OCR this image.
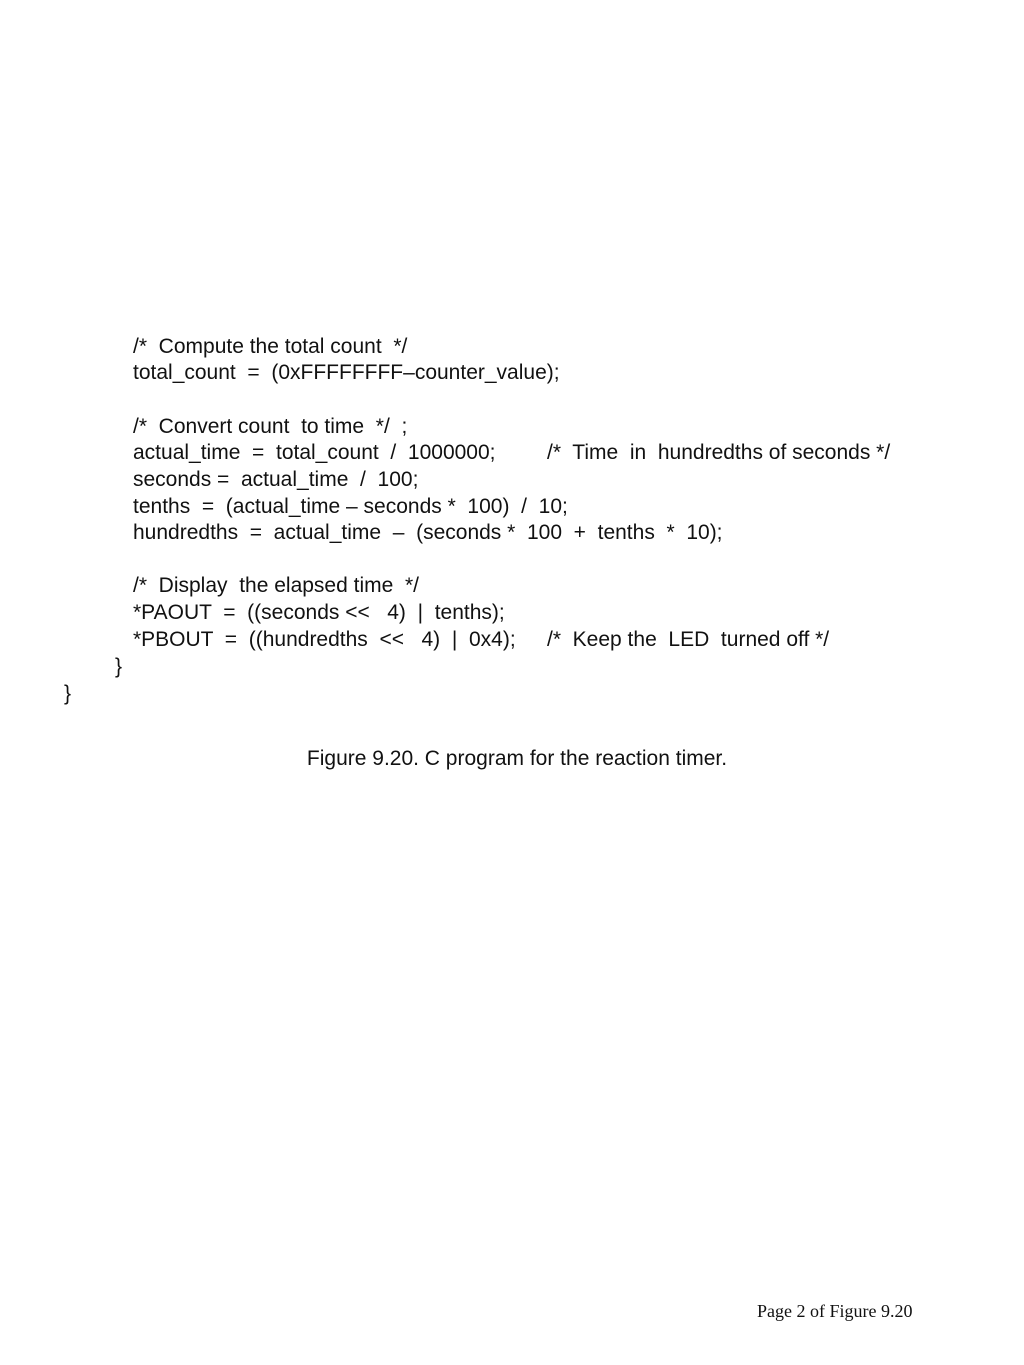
/*  Compute the total count  */
total_count  =  (0xFFFFFFFF–counter_value);
/*  Convert count  to time  */  ;
actual_time  =  total_count  /  1000000; /*  Time  in  hundredths of seconds */
seconds =  actual_time  /  100;
tenths  =  (actual_time – seconds *  100)  /  10;
hundredths  =  actual_time  –  (seconds *  100  +  tenths  *  10);
/*  Display  the elapsed time  */
*PAOUT  =  ((seconds <<   4)  |  tenths);
*PBOUT  =  ((hundredths  <<   4)  |  0x4); /*  Keep the  LED  turned off */
}
}
Figure 9.20. C program for the reaction timer.
Page 2 of Figure 9.20
